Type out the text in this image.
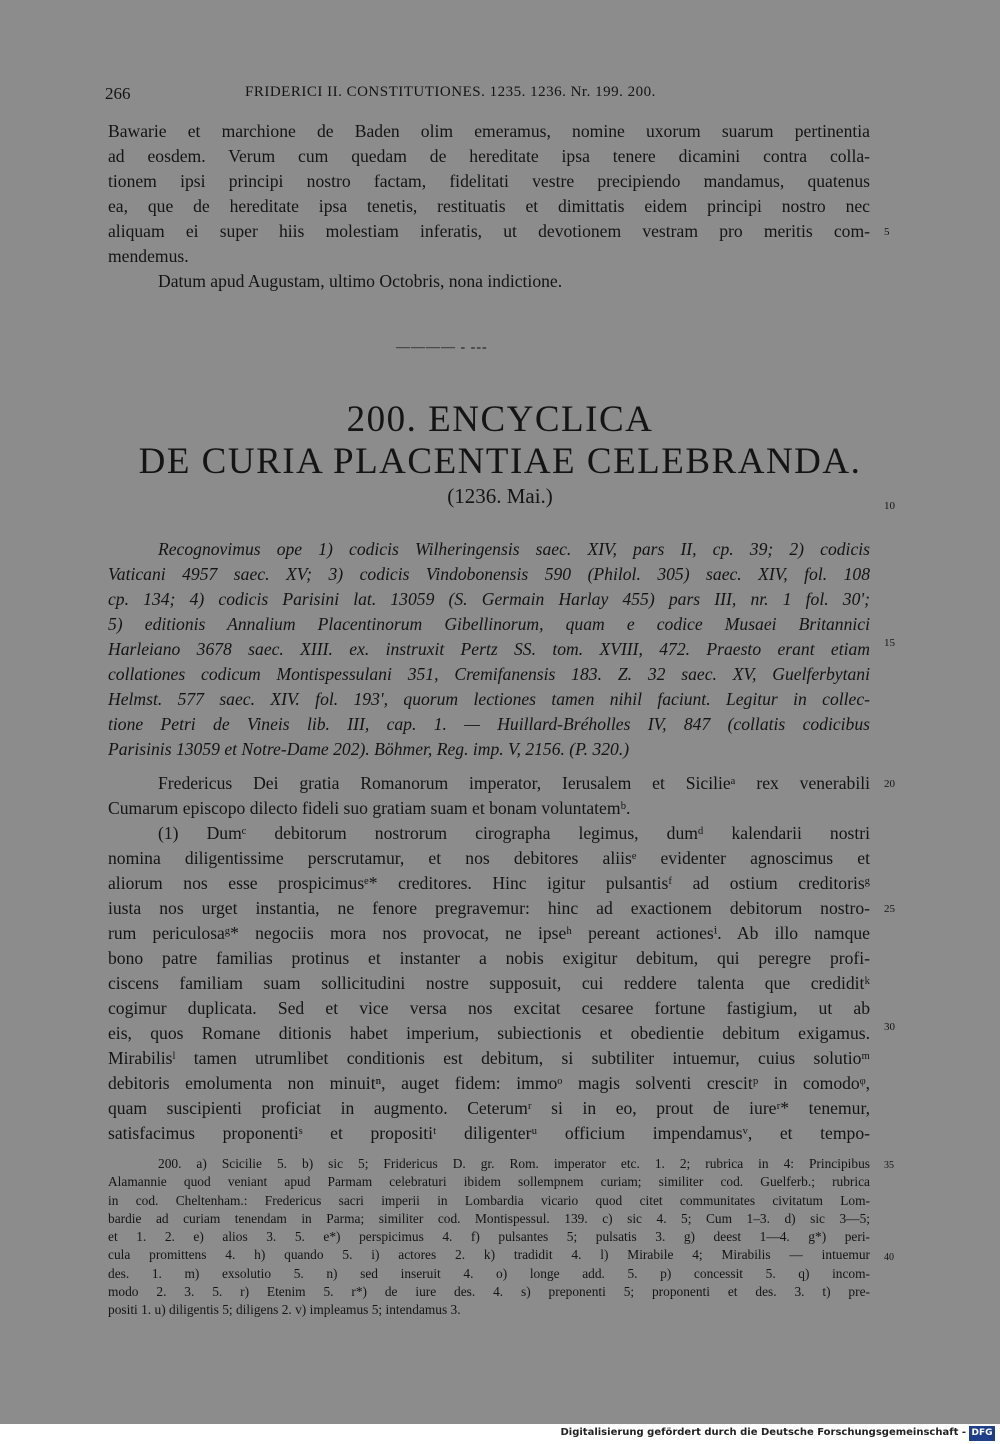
266	FRIDERICI II. CONSTITUTIONES. 1235. 1236. Nr. 199. 200.
Bawarie et marchione de Baden olim emeramus, nomine uxorum suarum pertinentia
ad eosdem. Verum cum quedam de hereditate ipsa tenere dicamini contra colla-
tionem ipsi principi nostro factam, fidelitati vestre precipiendo mandamus, quatenus
ea, que de hereditate ipsa tenetis, restituatis et dimittatis eidem principi nostro nec
aliquam ei super hiis molestiam inferatis, ut devotionem vestram pro meritis com-
mendemus.
Datum apud Augustam, ultimo Octobris, nona indictione.
5
———— - ---
200. ENCYCLICA
DE CURIA PLACENTIAE CELEBRANDA.
(1236. Mai.)	10
Recognovimus ope 1) codicis Wilheringensis saec. XIV, pars II, cp. 39; 2) codicis
Vaticani 4957 saec. XV; 3) codicis Vindobonensis 590 (Philol. 305) saec. XIV, fol. 108
cp. 134; 4) codicis Parisini lat. 13059 (S. Germain Harlay 455) pars III, nr. 1 fol. 30';
5) editionis Annalium Placentinorum Gibellinorum, quam e codice Musaei Britannici
Harleiano 3678 saec. XIII. ex. instruxit Pertz SS. tom. XVIII, 472. Praesto erant etiam
collationes codicum Montispessulani 351, Cremifanensis 183. Z. 32 saec. XV, Guelferbytani
Helmst. 577 saec. XIV. fol. 193', quorum lectiones tamen nihil faciunt. Legitur in collec-
tione Petri de Vineis lib. III, cap. 1. — Huillard-Bréholles IV, 847 (collatis codicibus
Parisinis 13059 et Notre-Dame 202). Böhmer, Reg. imp. V, 2156. (P. 320.)
15
Fredericus Dei gratia Romanorum imperator, Ierusalem et Sicilieᵃ rex venerabili
Cumarum episcopo dilecto fideli suo gratiam suam et bonam voluntatemᵇ.
(1) Dumᶜ debitorum nostrorum cirographa legimus, dumᵈ kalendarii nostri
nomina diligentissime perscrutamur, et nos debitores aliisᵉ evidenter agnoscimus et
aliorum nos esse prospicimusᵉ* creditores. Hinc igitur pulsantisᶠ ad ostium creditorisᵍ
iusta nos urget instantia, ne fenore pregravemur: hinc ad exactionem debitorum nostro-
rum periculosaᵍ* negociis mora nos provocat, ne ipseʰ pereant actionesⁱ. Ab illo namque
bono patre familias protinus et instanter a nobis exigitur debitum, qui peregre profi-
ciscens familiam suam sollicitudini nostre supposuit, cui reddere talenta que crediditᵏ
cogimur duplicata. Sed et vice versa nos excitat cesaree fortune fastigium, ut ab
eis, quos Romane ditionis habet imperium, subiectionis et obedientie debitum exigamus.
Mirabilisˡ tamen utrumlibet conditionis est debitum, si subtiliter intuemur, cuius solutioᵐ
debitoris emolumenta non minuitⁿ, auget fidem: immoᵒ magis solventi crescitᵖ in comodoᵠ,
quam suscipienti proficiat in augmento. Ceterumʳ si in eo, prout de iureʳ* tenemur,
satisfacimus proponentiˢ et propositiᵗ diligenterᵘ officium impendamusᵛ, et tempo-
20
25
30
200. a) Scicilie 5. b) sic 5; Fridericus D. gr. Rom. imperator etc. 1. 2; rubrica in 4: Principibus
Alamannie quod veniant apud Parmam celebraturi ibidem sollempnem curiam; similiter cod. Guelferb.; rubrica
in cod. Cheltenham.: Fredericus sacri imperii in Lombardia vicario quod citet communitates civitatum Lom-
bardie ad curiam tenendam in Parma; similiter cod. Montispessul. 139. c) sic 4. 5; Cum 1–3. d) sic 3—5;
et 1. 2. e) alios 3. 5. e*) perspicimus 4. f) pulsantes 5; pulsatis 3. g) deest 1—4. g*) peri-
cula promittens 4. h) quando 5. i) actores 2. k) tradidit 4. l) Mirabile 4; Mirabilis — intuemur
des. 1. m) exsolutio 5. n) sed inseruit 4. o) longe add. 5. p) concessit 5. q) incom-
modo 2. 3. 5. r) Etenim 5. r*) de iure des. 4. s) preponenti 5; proponenti et des. 3. t) pre-
positi 1. u) diligentis 5; diligens 2. v) impleamus 5; intendamus 3.
35
40
Digitalisierung gefördert durch die Deutsche Forschungsgemeinschaft - DFG
